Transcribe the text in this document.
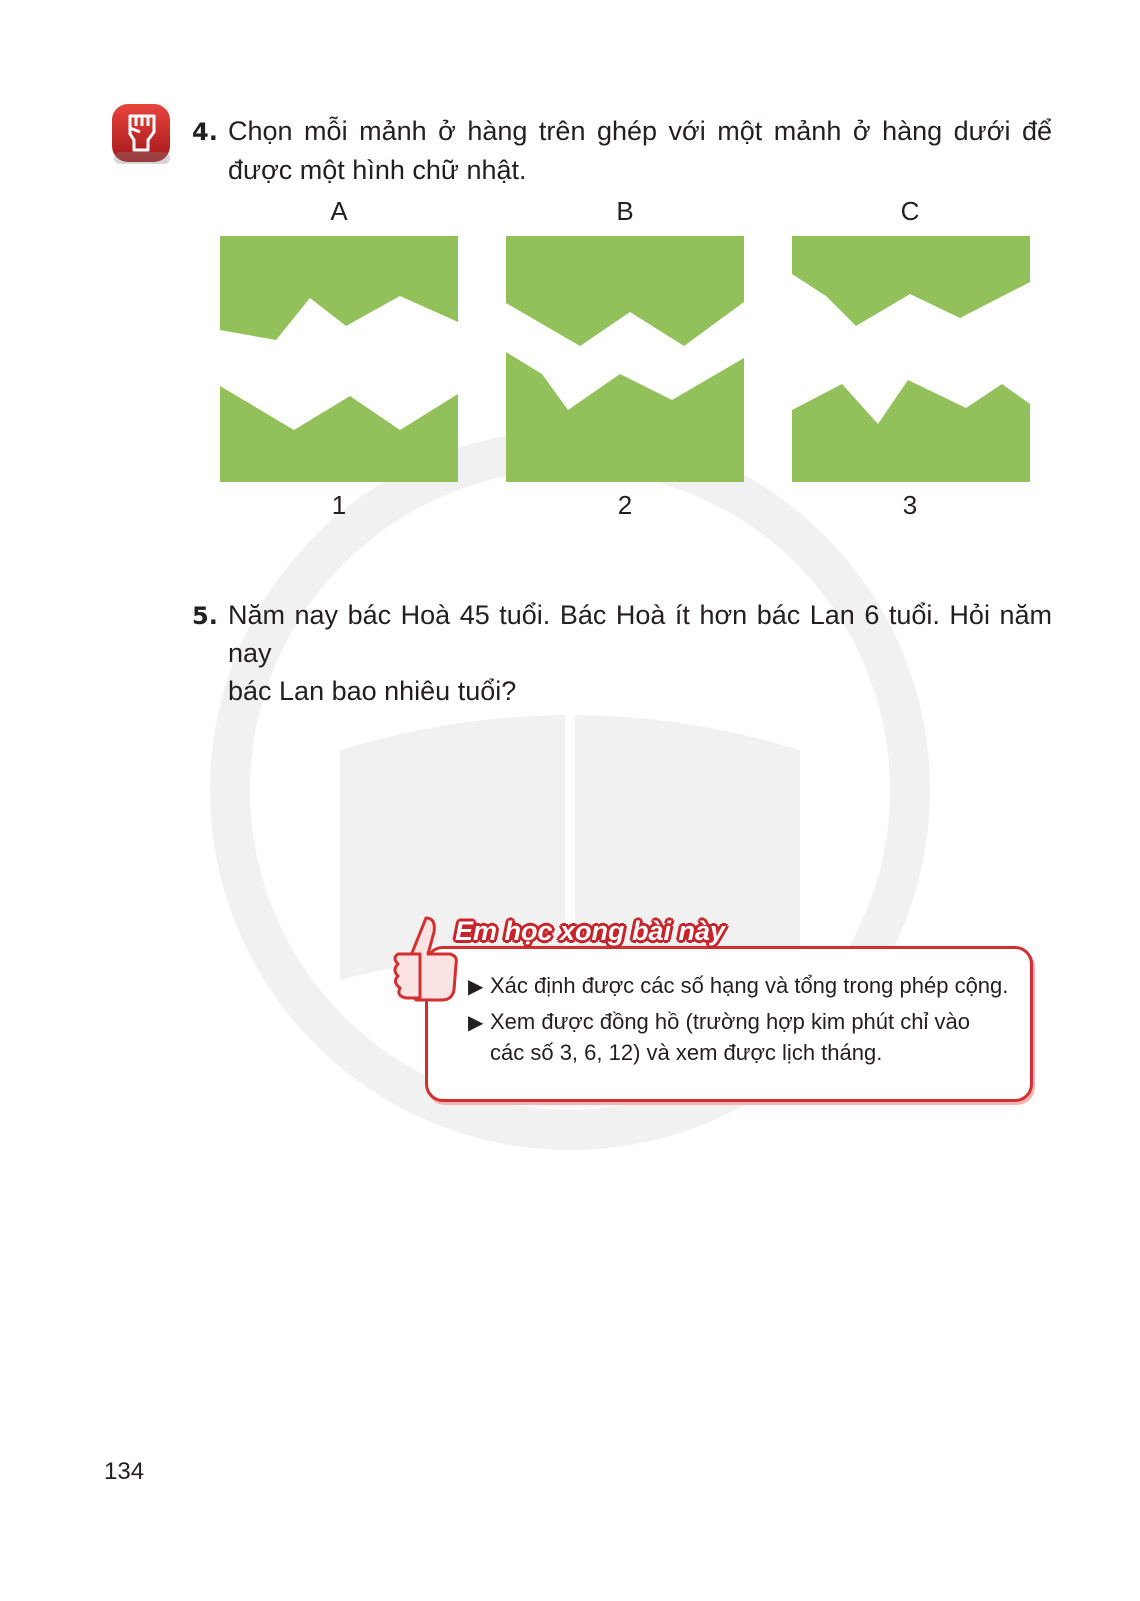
4. Chọn mỗi mảnh ở hàng trên ghép với một mảnh ở hàng dưới để
được một hình chữ nhật.
A	B	C
1	2	3
5. Năm nay bác Hoà 45 tuổi. Bác Hoà ít hơn bác Lan 6 tuổi. Hỏi năm nay
bác Lan bao nhiêu tuổi?
Em học xong bài này
▶ Xác định được các số hạng và tổng trong phép cộng.
▶ Xem được đồng hồ (trường hợp kim phút chỉ vào
các số 3, 6, 12) và xem được lịch tháng.
134
